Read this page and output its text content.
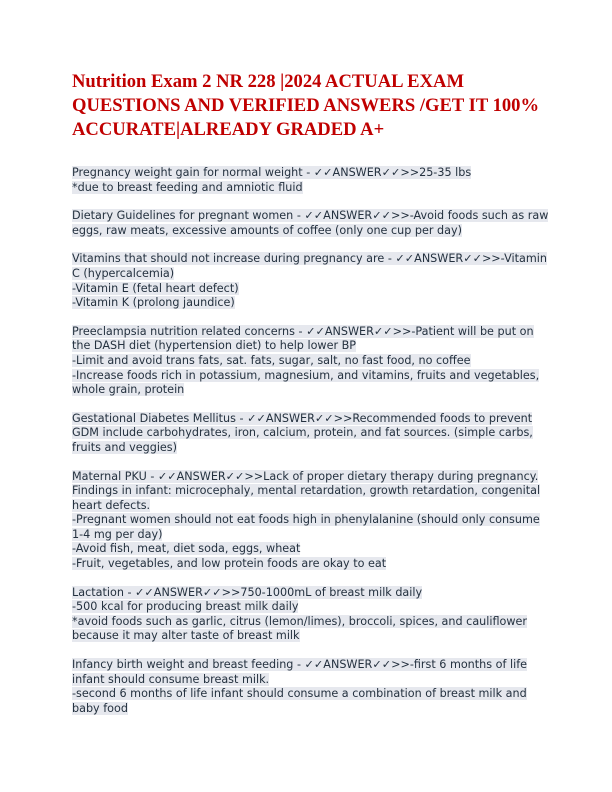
Nutrition Exam 2 NR 228 |2024 ACTUAL EXAM QUESTIONS AND VERIFIED ANSWERS /GET IT 100% ACCURATE|ALREADY GRADED A+
Pregnancy weight gain for normal weight - ✓✓ANSWER✓✓>>25-35 lbs
*due to breast feeding and amniotic fluid
Dietary Guidelines for pregnant women - ✓✓ANSWER✓✓>>-Avoid foods such as raw eggs, raw meats, excessive amounts of coffee (only one cup per day)
Vitamins that should not increase during pregnancy are - ✓✓ANSWER✓✓>>-Vitamin C (hypercalcemia)
-Vitamin E (fetal heart defect)
-Vitamin K (prolong jaundice)
Preeclampsia nutrition related concerns - ✓✓ANSWER✓✓>>-Patient will be put on the DASH diet (hypertension diet) to help lower BP
-Limit and avoid trans fats, sat. fats, sugar, salt, no fast food, no coffee
-Increase foods rich in potassium, magnesium, and vitamins, fruits and vegetables, whole grain, protein
Gestational Diabetes Mellitus - ✓✓ANSWER✓✓>>Recommended foods to prevent GDM include carbohydrates, iron, calcium, protein, and fat sources. (simple carbs, fruits and veggies)
Maternal PKU - ✓✓ANSWER✓✓>>Lack of proper dietary therapy during pregnancy. Findings in infant: microcephaly, mental retardation, growth retardation, congenital heart defects.
-Pregnant women should not eat foods high in phenylalanine (should only consume 1-4 mg per day)
-Avoid fish, meat, diet soda, eggs, wheat
-Fruit, vegetables, and low protein foods are okay to eat
Lactation - ✓✓ANSWER✓✓>>750-1000mL of breast milk daily
-500 kcal for producing breast milk daily
*avoid foods such as garlic, citrus (lemon/limes), broccoli, spices, and cauliflower because it may alter taste of breast milk
Infancy birth weight and breast feeding - ✓✓ANSWER✓✓>>-first 6 months of life infant should consume breast milk.
-second 6 months of life infant should consume a combination of breast milk and baby food
